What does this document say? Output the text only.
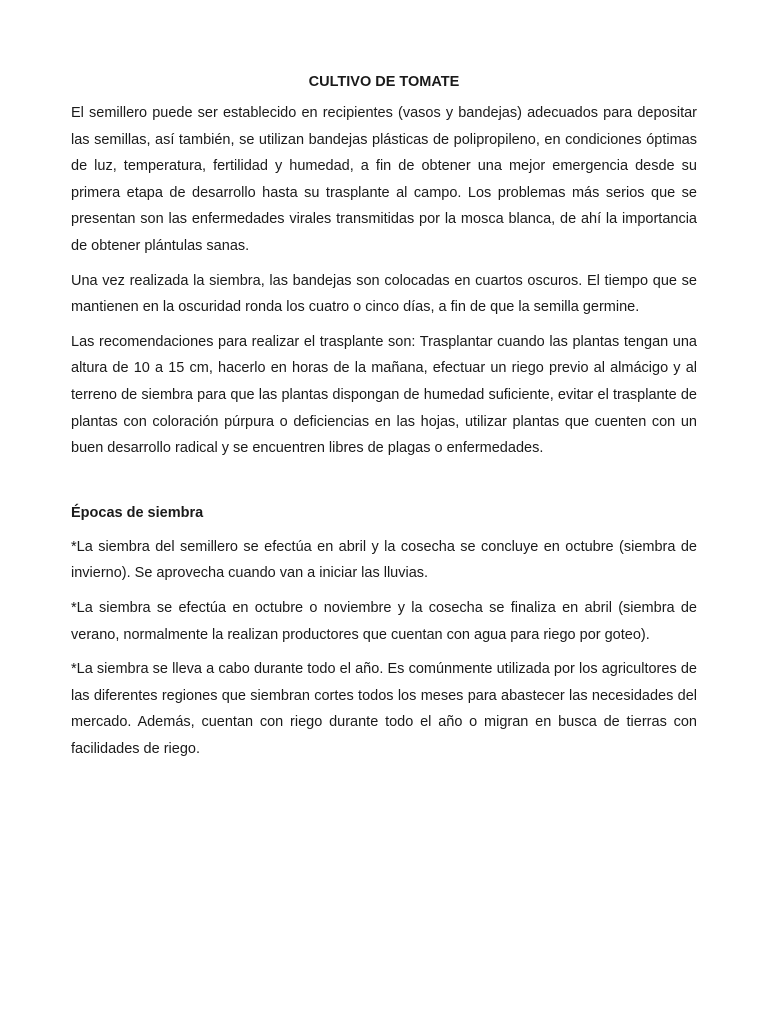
CULTIVO DE TOMATE

El semillero puede ser establecido en recipientes (vasos y bandejas) adecuados para depositar las semillas, así también, se utilizan bandejas plásticas de polipropileno, en condiciones óptimas de luz, temperatura, fertilidad y humedad, a fin de obtener una mejor emergencia desde su primera etapa de desarrollo hasta su trasplante al campo. Los problemas más serios que se presentan son las enfermedades virales transmitidas por la mosca blanca, de ahí la importancia de obtener plántulas sanas.

Una vez realizada la siembra, las bandejas son colocadas en cuartos oscuros. El tiempo que se mantienen en la oscuridad ronda los cuatro o cinco días, a fin de que la semilla germine.

Las recomendaciones para realizar el trasplante son: Trasplantar cuando las plantas tengan una altura de 10 a 15 cm, hacerlo en horas de la mañana, efectuar un riego previo al almácigo y al terreno de siembra para que las plantas dispongan de humedad suficiente, evitar el trasplante de plantas con coloración púrpura o deficiencias en las hojas, utilizar plantas que cuenten con un buen desarrollo radical y se encuentren libres de plagas o enfermedades.

Épocas de siembra

*La siembra del semillero se efectúa en abril y la cosecha se concluye en octubre (siembra de invierno). Se aprovecha cuando van a iniciar las lluvias.

*La siembra se efectúa en octubre o noviembre y la cosecha se finaliza en abril (siembra de verano, normalmente la realizan productores que cuentan con agua para riego por goteo).

*La siembra se lleva a cabo durante todo el año. Es comúnmente utilizada por los agricultores de las diferentes regiones que siembran cortes todos los meses para abastecer las necesidades del mercado. Además, cuentan con riego durante todo el año o migran en busca de tierras con facilidades de riego.
